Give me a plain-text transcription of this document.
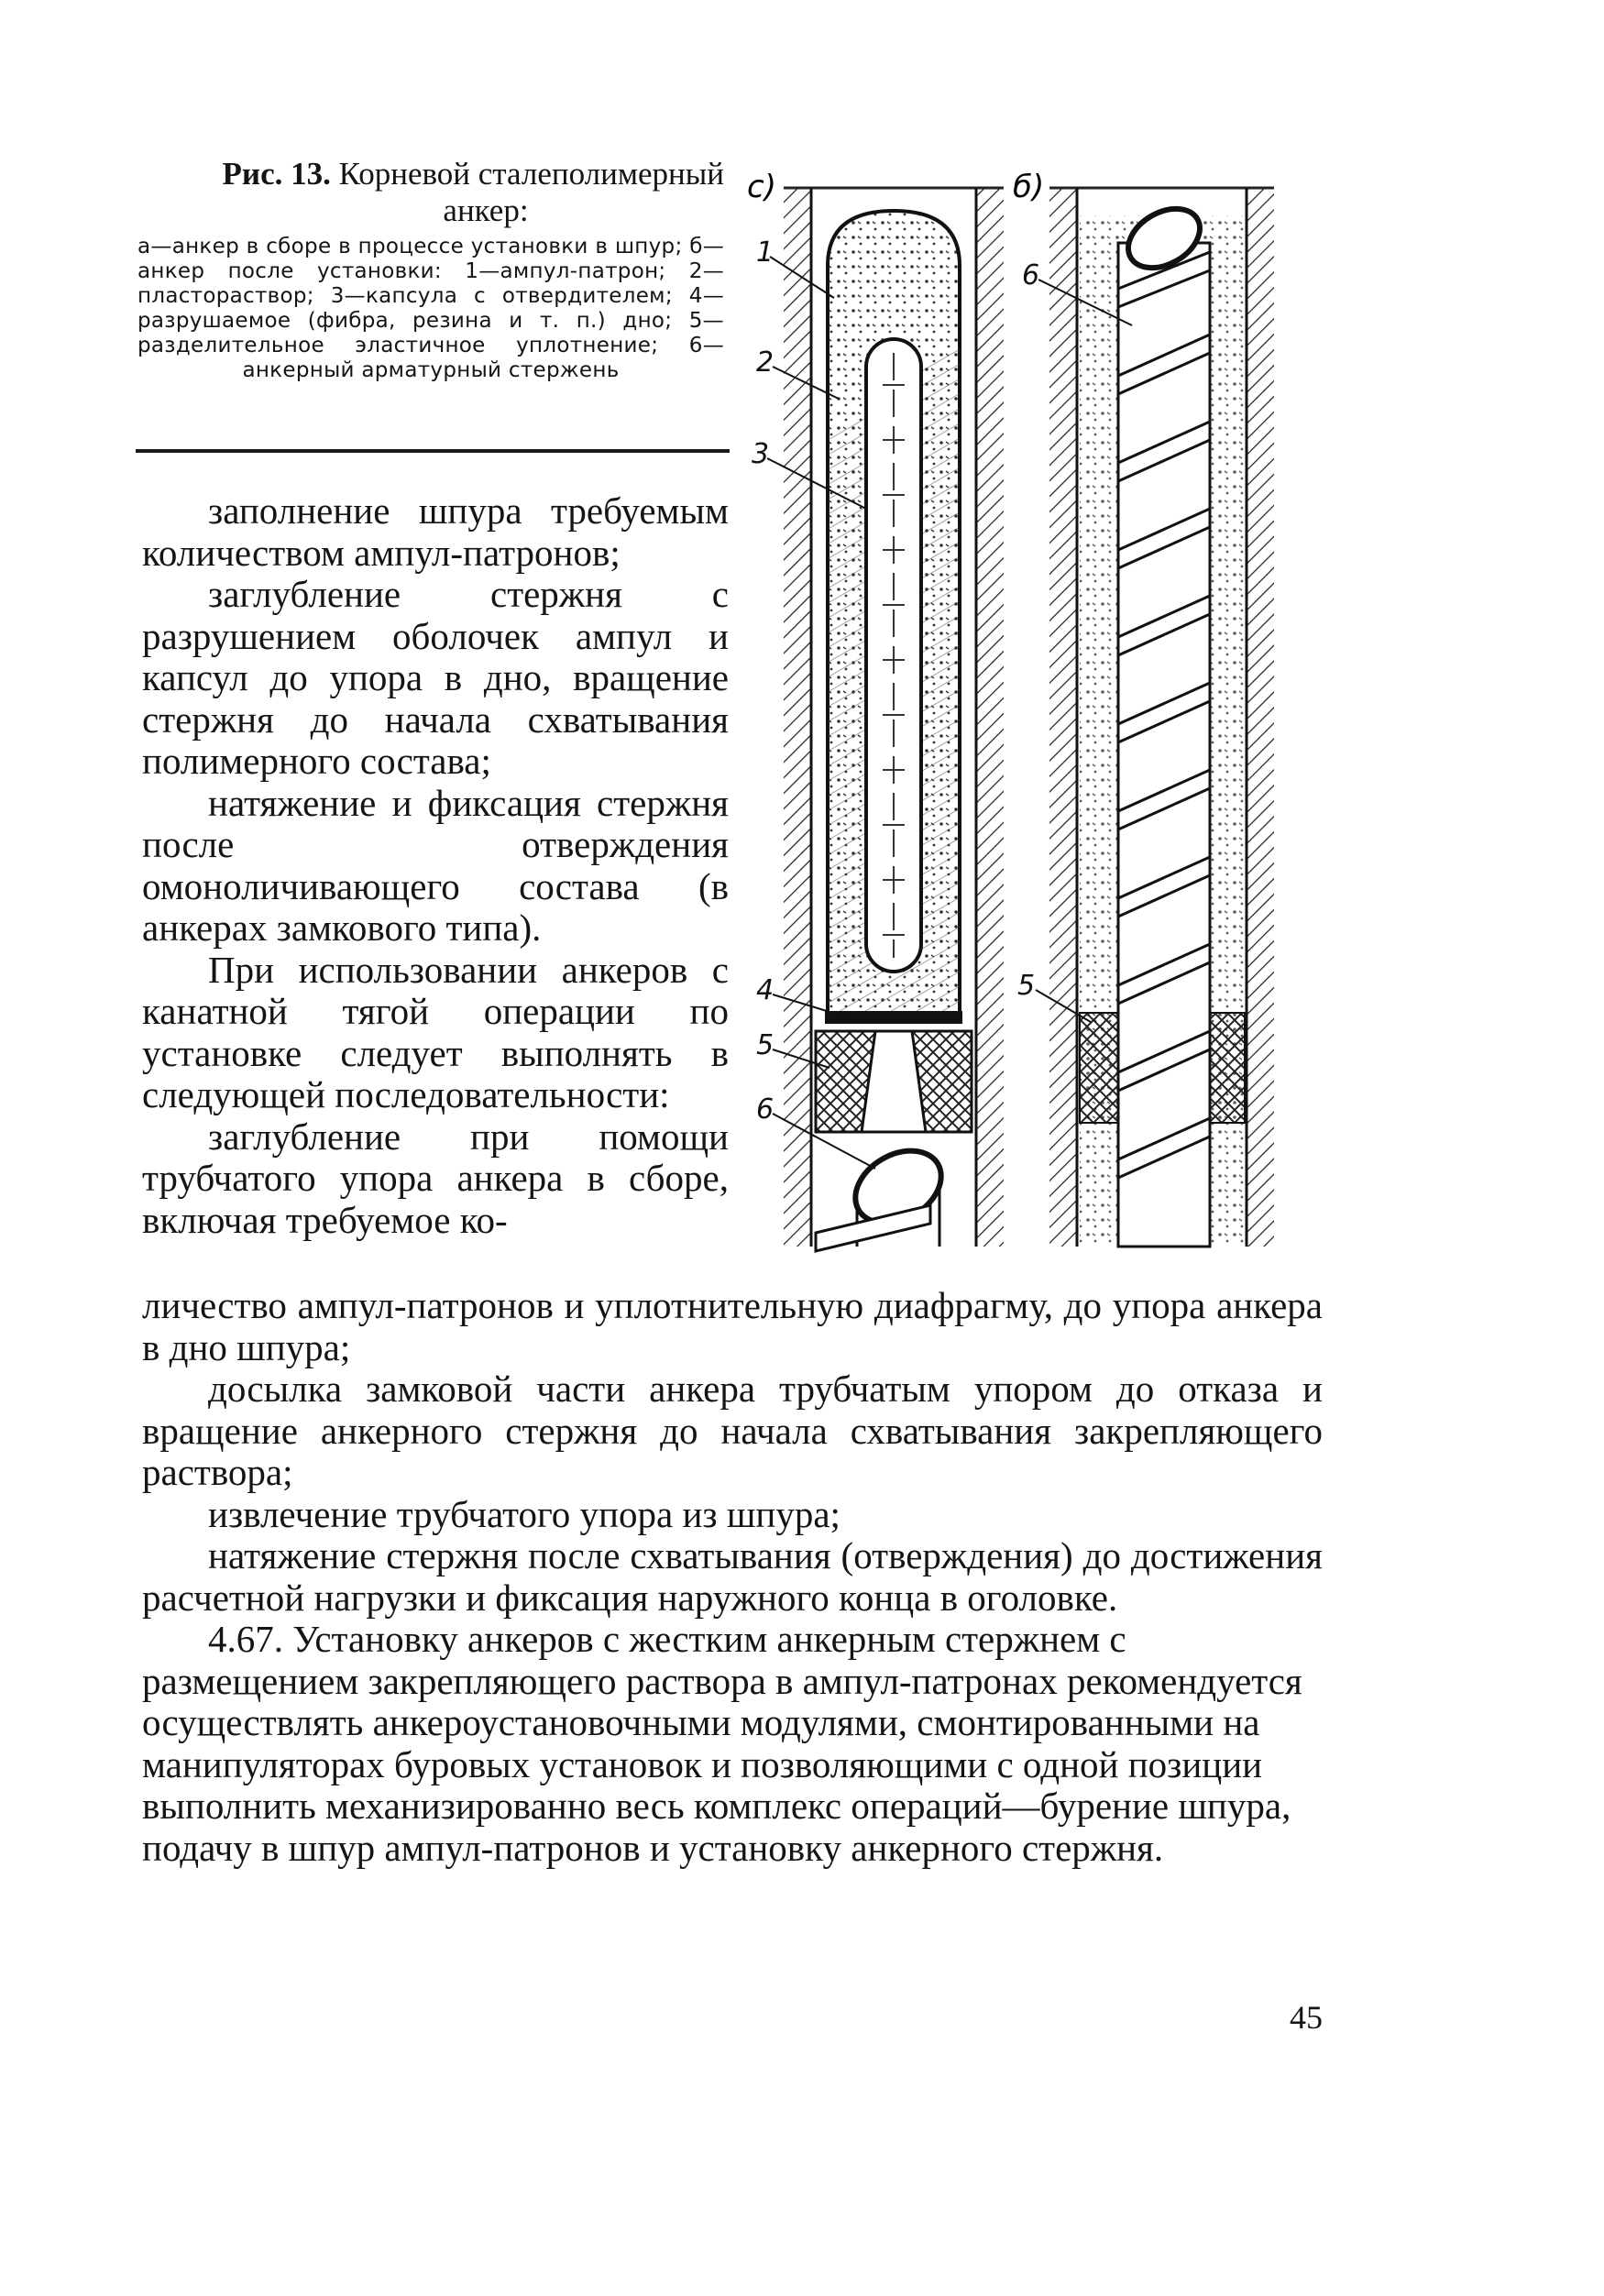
Рис. 13. Корневой сталеполимерный
анкер:
а—анкер в сборе в процессе установки в шпур; б—анкер после установки: 1—ампул-патрон; 2—пласторaствор; 3—капсула с отвердителем; 4—разрушаемое (фибра, резина и т. п.) дно; 5—разделительное эластичное уплотнение; 6—анкерный арматурный стержень
с)	б)
1
2
3
4
5
6
6
5

заполнение шпура требуемым количеством ампул-патронов;

заглубление стержня с разрушением оболочек ампул и капсул до упора в дно, вращение стержня до начала схватывания полимерного состава;

натяжение и фиксация стержня после отверждения омоноличивающего состава (в анкерах замкового типа).

При использовании анкеров с канатной тягой операции по установке следует выполнять в следующей последовательности:

заглубление при помощи трубчатого упора анкера в сборе, включая требуемое ко-

личество ампул-патронов и уплотнительную диафрагму, до упора анкера в дно шпура;

досылка замковой части анкера трубчатым упором до отказа и вращение анкерного стержня до начала схватывания закрепляющего раствора;

извлечение трубчатого упора из шпура;

натяжение стержня после схватывания (отверждения) до достижения расчетной нагрузки и фиксация наружного конца в оголовке.

4.67. Установку анкеров с жестким анкерным стержнем с размещением закрепляющего раствора в ампул-патронах рекомендуется осуществлять анкероустановочными модулями, смонтированными на манипуляторах буровых установок и позволяющими с одной позиции выполнить механизированно весь комплекс операций—бурение шпура, подачу в шпур ампул-патронов и установку анкерного стержня.

45
